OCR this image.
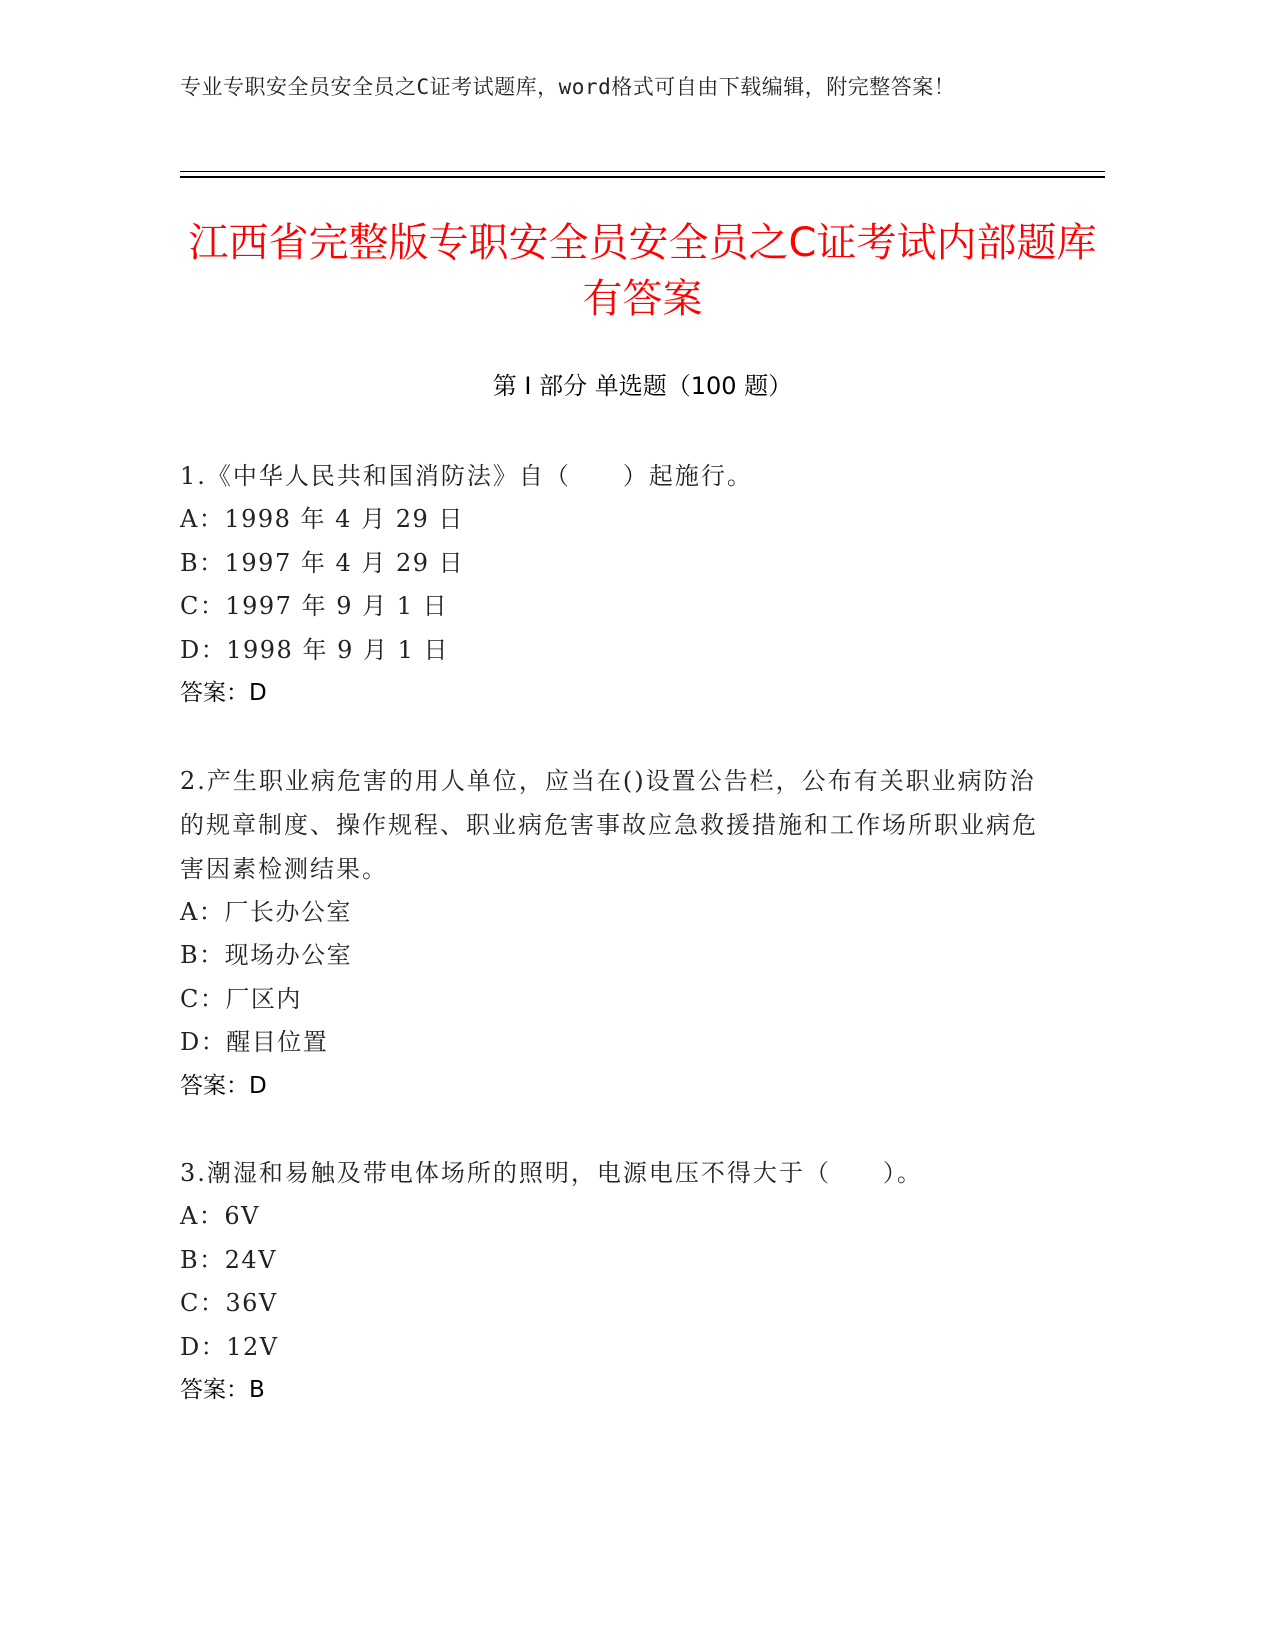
专业专职安全员安全员之C证考试题库，word格式可自由下载编辑，附完整答案！
江西省完整版专职安全员安全员之C证考试内部题库有答案
第 I 部分 单选题（100 题）

1.《中华人民共和国消防法》自（　　）起施行。

A：1998 年 4 月 29 日
B：1997 年 4 月 29 日
C：1997 年 9 月 1 日
D：1998 年 9 月 1 日
答案：D

2.产生职业病危害的用人单位，应当在()设置公告栏，公布有关职业病防治的规章制度、操作规程、职业病危害事故应急救援措施和工作场所职业病危害因素检测结果。

A：厂长办公室
B：现场办公室
C：厂区内
D：醒目位置
答案：D

3.潮湿和易触及带电体场所的照明，电源电压不得大于（　　）。

A：6V
B：24V
C：36V
D：12V
答案：B
